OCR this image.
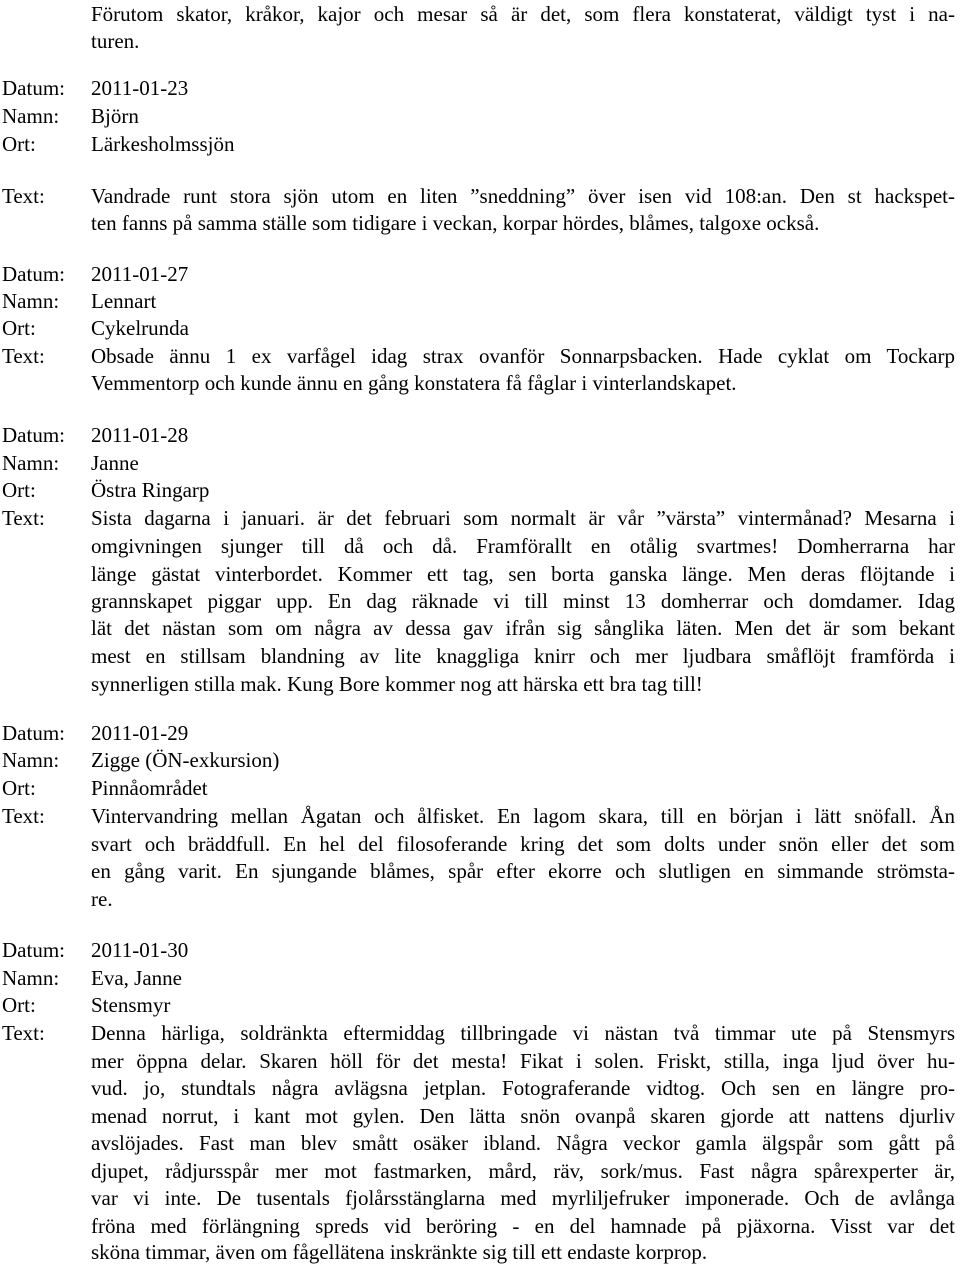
Förutom skator, kråkor, kajor och mesar så är det, som flera konstaterat, väldigt tyst i na-
turen.
Datum: 2011-01-23
Namn: Björn
Ort:	Lärkesholmssjön
Text: Vandrade runt stora sjön utom en liten ”sneddning” över isen vid 108:an. Den st hackspet-
ten fanns på samma ställe som tidigare i veckan, korpar hördes, blåmes, talgoxe också.
Datum: 2011-01-27
Namn: Lennart
Ort:	Cykelrunda
Text: Obsade ännu 1 ex varfågel idag strax ovanför Sonnarpsbacken. Hade cyklat om Tockarp
Vemmentorp och kunde ännu en gång konstatera få fåglar i vinterlandskapet.
Datum: 2011-01-28
Namn: Janne
Ort:	Östra Ringarp
Text: Sista dagarna i januari. är det februari som normalt är vår ”värsta” vintermånad? Mesarna i
omgivningen sjunger till då och då. Framförallt en otålig svartmes! Domherrarna har
länge gästat vinterbordet. Kommer ett tag, sen borta ganska länge. Men deras flöjtande i
grannskapet piggar upp. En dag räknade vi till minst 13 domherrar och domdamer. Idag
lät det nästan som om några av dessa gav ifrån sig sånglika läten. Men det är som bekant
mest en stillsam blandning av lite knaggliga knirr och mer ljudbara småflöjt framförda i
synnerligen stilla mak. Kung Bore kommer nog att härska ett bra tag till!
Datum: 2011-01-29
Namn: Zigge (ÖN-exkursion)
Ort:	Pinnåområdet
Text: Vintervandring mellan Ågatan och ålfisket. En lagom skara, till en början i lätt snöfall. Ån
svart och bräddfull. En hel del filosoferande kring det som dolts under snön eller det som
en gång varit. En sjungande blåmes, spår efter ekorre och slutligen en simmande strömsta-
re.
Datum: 2011-01-30
Namn: Eva, Janne
Ort:	Stensmyr
Text: Denna härliga, soldränkta eftermiddag tillbringade vi nästan två timmar ute på Stensmyrs
mer öppna delar. Skaren höll för det mesta! Fikat i solen. Friskt, stilla, inga ljud över hu-
vud. jo, stundtals några avlägsna jetplan. Fotograferande vidtog. Och sen en längre pro-
menad norrut, i kant mot gylen. Den lätta snön ovanpå skaren gjorde att nattens djurliv
avslöjades. Fast man blev smått osäker ibland. Några veckor gamla älgspår som gått på
djupet, rådjursspår mer mot fastmarken, mård, räv, sork/mus. Fast några spårexperter är,
var vi inte. De tusentals fjolårsstänglarna med myrliljefruker imponerade. Och de avlånga
fröna med förlängning spreds vid beröring - en del hamnade på pjäxorna. Visst var det
sköna timmar, även om fågellätena inskränkte sig till ett endaste korprop.
